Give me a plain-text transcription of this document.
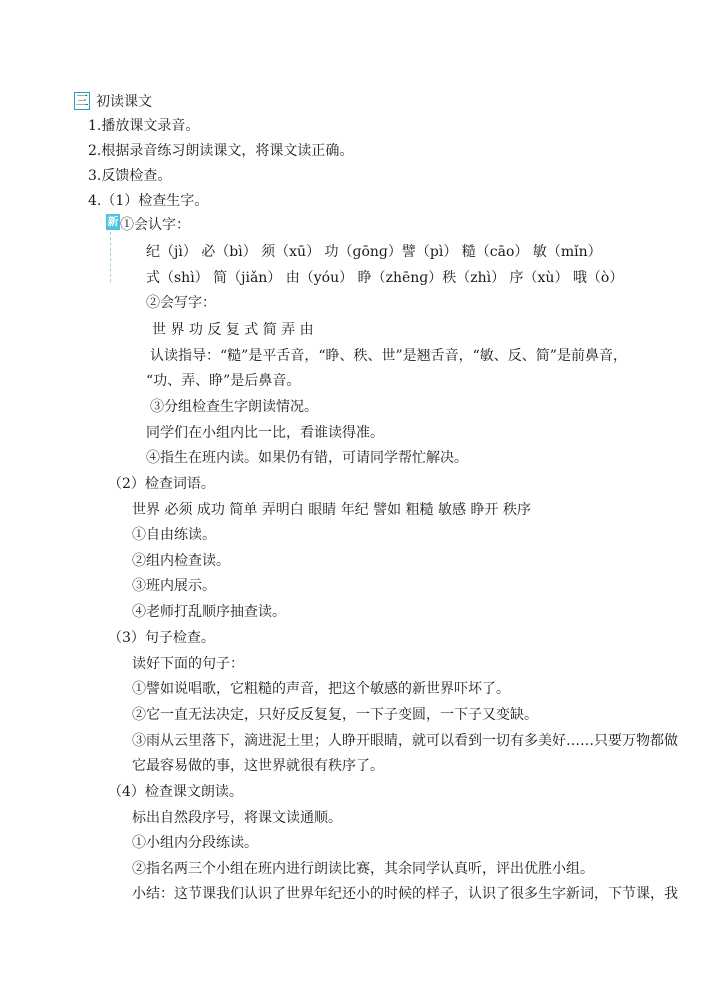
三 初读课文
1.播放课文录音。
2.根据录音练习朗读课文，将课文读正确。
3.反馈检查。
4.（1）检查生字。
新 ①会认字：
纪（jì） 必（bì） 须（xū） 功（ɡōnɡ）譬（pì） 糙（cāo） 敏（mǐn）
式（shì） 简（jiǎn） 由（yóu） 睁（zhēnɡ）秩（zhì） 序（xù） 哦（ò）
②会写字：
世 界 功 反 复 式 简 弄 由
认读指导：“糙”是平舌音，“睁、秩、世”是翘舌音，“敏、反、简”是前鼻音，
“功、弄、睁”是后鼻音。
③分组检查生字朗读情况。
同学们在小组内比一比，看谁读得准。
④指生在班内读。如果仍有错，可请同学帮忙解决。
（2）检查词语。
世界 必须 成功 简单 弄明白 眼睛 年纪 譬如 粗糙 敏感 睁开 秩序
①自由练读。
②组内检查读。
③班内展示。
④老师打乱顺序抽查读。
（3）句子检查。
读好下面的句子：
①譬如说唱歌，它粗糙的声音，把这个敏感的新世界吓坏了。
②它一直无法决定，只好反反复复，一下子变圆，一下子又变缺。
③雨从云里落下，滴进泥土里；人睁开眼睛，就可以看到一切有多美好……只要万物都做
它最容易做的事，这世界就很有秩序了。
（4）检查课文朗读。
标出自然段序号，将课文读通顺。
①小组内分段练读。
②指名两三个小组在班内进行朗读比赛，其余同学认真听，评出优胜小组。
小结：这节课我们认识了世界年纪还小的时候的样子，认识了很多生字新词，下节课，我
